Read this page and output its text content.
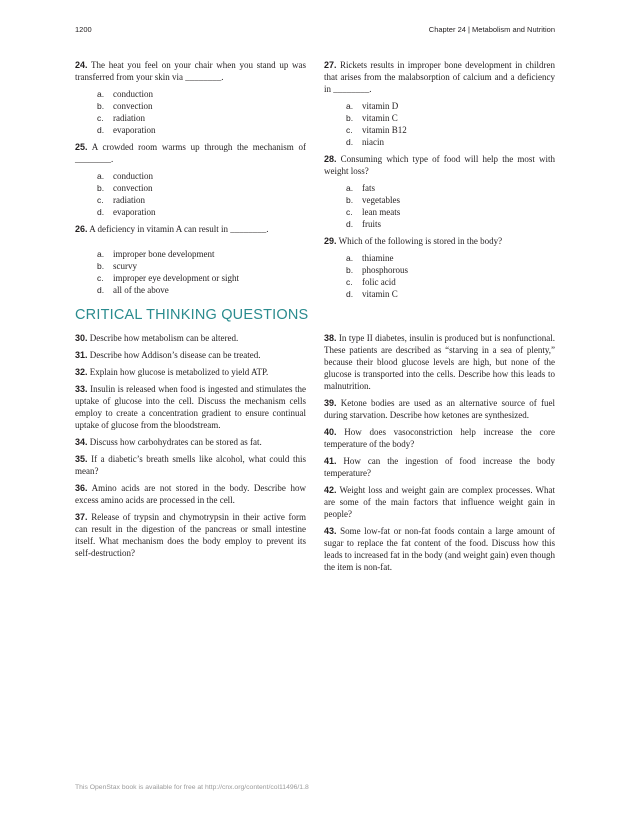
1200	Chapter 24 | Metabolism and Nutrition

24. The heat you feel on your chair when you stand up was transferred from your skin via ________.

a. conduction
b. convection
c. radiation
d. evaporation

25. A crowded room warms up through the mechanism of ________.

a. conduction
b. convection
c. radiation
d. evaporation

26. A deficiency in vitamin A can result in ________.

a. improper bone development
b. scurvy
c. improper eye development or sight
d. all of the above

27. Rickets results in improper bone development in children that arises from the malabsorption of calcium and a deficiency in ________.

a. vitamin D
b. vitamin C
c. vitamin B12
d. niacin

28. Consuming which type of food will help the most with weight loss?

a. fats
b. vegetables
c. lean meats
d. fruits

29. Which of the following is stored in the body?

a. thiamine
b. phosphorous
c. folic acid
d. vitamin C
CRITICAL THINKING QUESTIONS

30. Describe how metabolism can be altered.

31. Describe how Addison’s disease can be treated.

32. Explain how glucose is metabolized to yield ATP.

33. Insulin is released when food is ingested and stimulates the uptake of glucose into the cell. Discuss the mechanism cells employ to create a concentration gradient to ensure continual uptake of glucose from the bloodstream.

34. Discuss how carbohydrates can be stored as fat.

35. If a diabetic’s breath smells like alcohol, what could this mean?

36. Amino acids are not stored in the body. Describe how excess amino acids are processed in the cell.

37. Release of trypsin and chymotrypsin in their active form can result in the digestion of the pancreas or small intestine itself. What mechanism does the body employ to prevent its self-destruction?

38. In type II diabetes, insulin is produced but is nonfunctional. These patients are described as “starving in a sea of plenty,” because their blood glucose levels are high, but none of the glucose is transported into the cells. Describe how this leads to malnutrition.

39. Ketone bodies are used as an alternative source of fuel during starvation. Describe how ketones are synthesized.

40. How does vasoconstriction help increase the core temperature of the body?

41. How can the ingestion of food increase the body temperature?

42. Weight loss and weight gain are complex processes. What are some of the main factors that influence weight gain in people?

43. Some low-fat or non-fat foods contain a large amount of sugar to replace the fat content of the food. Discuss how this leads to increased fat in the body (and weight gain) even though the item is non-fat.

This OpenStax book is available for free at http://cnx.org/content/col11496/1.8
